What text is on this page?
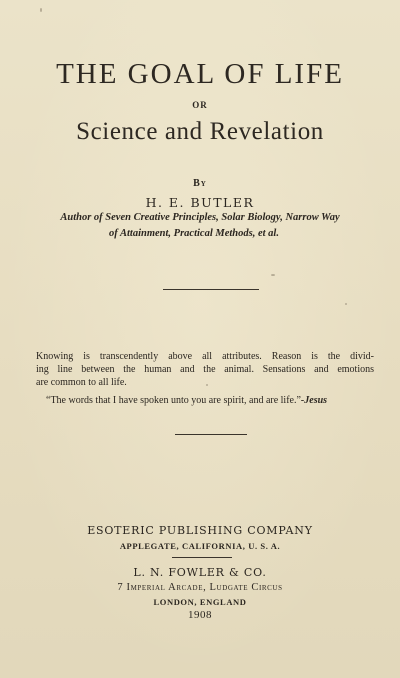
THE GOAL OF LIFE
OR
Science and Revelation
By
H. E. BUTLER
Author of Seven Creative Principles, Solar Biology, Narrow Way
of Attainment, Practical Methods, et al.
Knowing is transcendently above all attributes. Reason is the divid-
ing line between the human and the animal. Sensations and emotions
are common to all life.
“The words that I have spoken unto you are spirit, and are life.”-Jesus
ESOTERIC PUBLISHING COMPANY
APPLEGATE, CALIFORNIA, U. S. A.
L. N. FOWLER & CO.
7 Imperial Arcade, Ludgate Circus
LONDON, ENGLAND
1908
